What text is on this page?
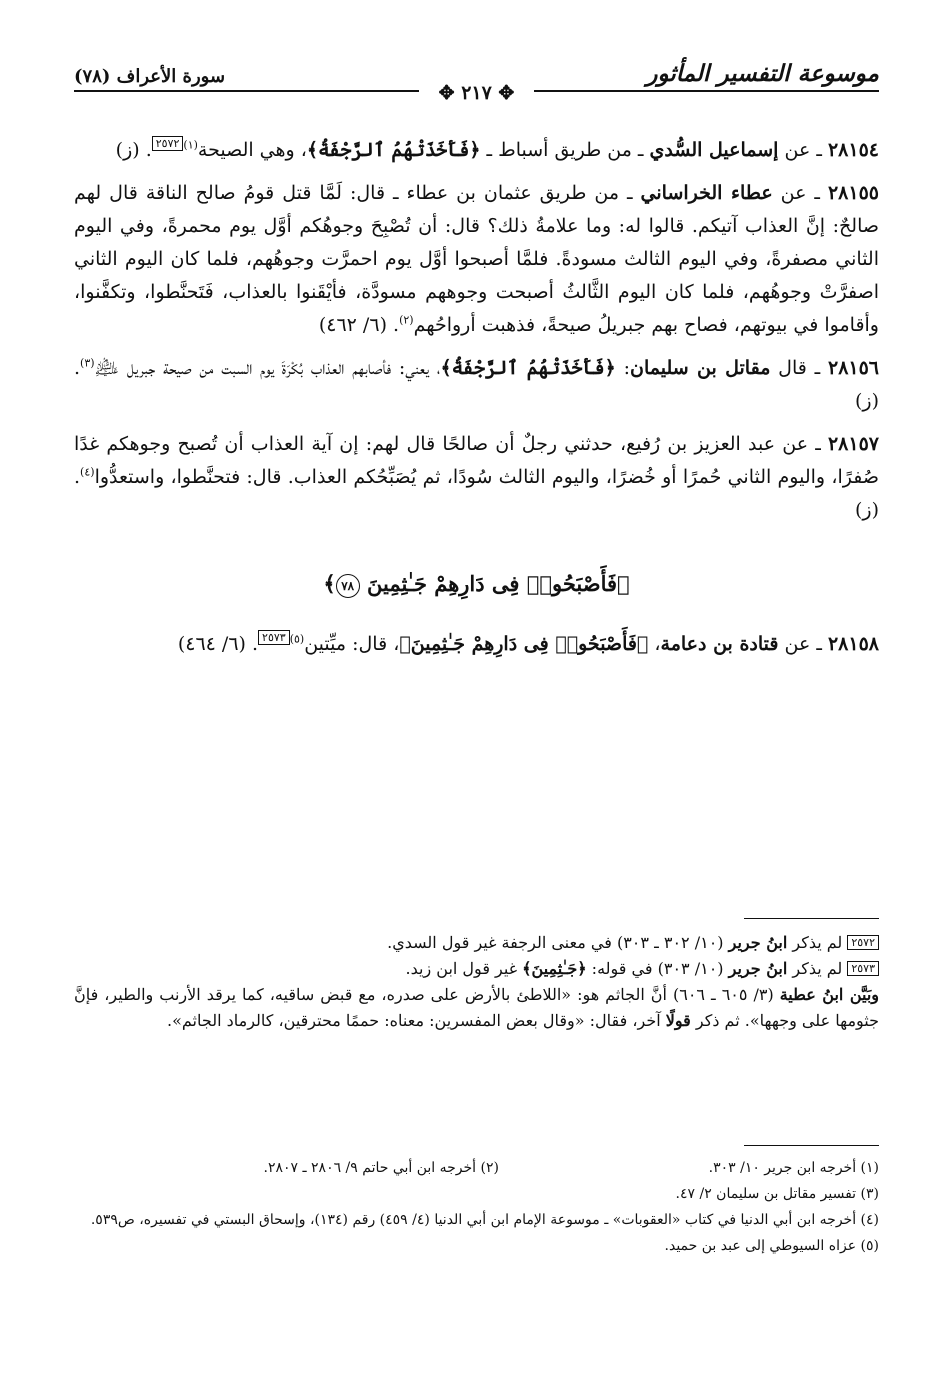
موسوعة التفسير المأثور
سورة الأعراف (٧٨)
✥ ٢١٧ ✥

٢٨١٥٤ ـ عن إسماعيل السُّدي ـ من طريق أسباط ـ ﴿فَأَخَذَتْهُمُ ٱلرَّجْفَةُ﴾، وهي الصيحة$^{(١)}$٢٥٧٢. (ز)

٢٨١٥٥ ـ عن عطاء الخراساني ـ من طريق عثمان بن عطاء ـ قال: لَمَّا قتل قومُ صالح الناقة قال لهم صالحٌ: إنَّ العذاب آتيكم. قالوا له: وما علامةُ ذلك؟ قال: أن تُصْبِحَ وجوهُكم أوَّل يوم محمرةً، وفي اليوم الثاني مصفرةً، وفي اليوم الثالث مسودةً. فلمَّا أصبحوا أوَّل يوم احمرَّت وجوهُهم، فلما كان اليوم الثاني اصفرَّتْ وجوهُهم، فلما كان اليوم الثَّالثُ أصبحت وجوههم مسودَّة، فأيْقَنوا بالعذاب، فَتَحنَّطوا، وتكفَّنوا، وأقاموا في بيوتهم، فصاح بهم جبريلُ صيحةً، فذهبت أرواحُهم$^{(٢)}$. (٦/ ٤٦٢)

٢٨١٥٦ ـ قال مقاتل بن سليمان: ﴿فَأَخَذَتْهُمُ ٱلرَّجْفَةُ﴾، يعني: فأصابهم العذاب بُكْرَةَ يوم السبت من صيحة جبريل ﵇$^{(٣)}$. (ز)

٢٨١٥٧ ـ عن عبد العزيز بن رُفيع، حدثني رجلٌ أن صالحًا قال لهم: إن آية العذاب أن تُصبح وجوهكم غدًا صُفرًا، واليوم الثاني حُمرًا أو خُضرًا، واليوم الثالث سُودًا، ثم يُصَبِّحُكم العذاب. قال: فتحنَّطوا، واستعدُّوا$^{(٤)}$. (ز)

﴿فَأَصْبَحُوا۟ فِى دَارِهِمْ جَـٰثِمِينَ ٧٨﴾

٢٨١٥٨ ـ عن قتادة بن دعامة، ﴿فَأَصْبَحُوا۟ فِى دَارِهِمْ جَـٰثِمِينَ﴾، قال: ميِّتين$^{(٥)}$٢٥٧٣. (٦/ ٤٦٤)

٢٥٧٢ لم يذكر ابنُ جرير (١٠/ ٣٠٢ ـ ٣٠٣) في معنى الرجفة غير قول السدي.

٢٥٧٣ لم يذكر ابنُ جرير (١٠/ ٣٠٣) في قوله: ﴿جَـٰثِمِينَ﴾ غير قول ابن زيد.

وبَيَّن ابنُ عطية (٣/ ٦٠٥ ـ ٦٠٦) أنَّ الجاثم هو: «اللاطئ بالأرض على صدره، مع قبض ساقيه، كما يرقد الأرنب والطير، فإنَّ جثومها على وجهها». ثم ذكر قولًا آخر، فقال: «وقال بعض المفسرين: معناه: حممًا محترقين، كالرماد الجاثم».

(١) أخرجه ابن جرير ١٠/ ٣٠٣.
(٢) أخرجه ابن أبي حاتم ٩/ ٢٨٠٦ ـ ٢٨٠٧.

(٣) تفسير مقاتل بن سليمان ٢/ ٤٧.

(٤) أخرجه ابن أبي الدنيا في كتاب «العقوبات» ـ موسوعة الإمام ابن أبي الدنيا (٤/ ٤٥٩) رقم (١٣٤)، وإسحاق البستي في تفسيره، ص٥٣٩.

(٥) عزاه السيوطي إلى عبد بن حميد.
